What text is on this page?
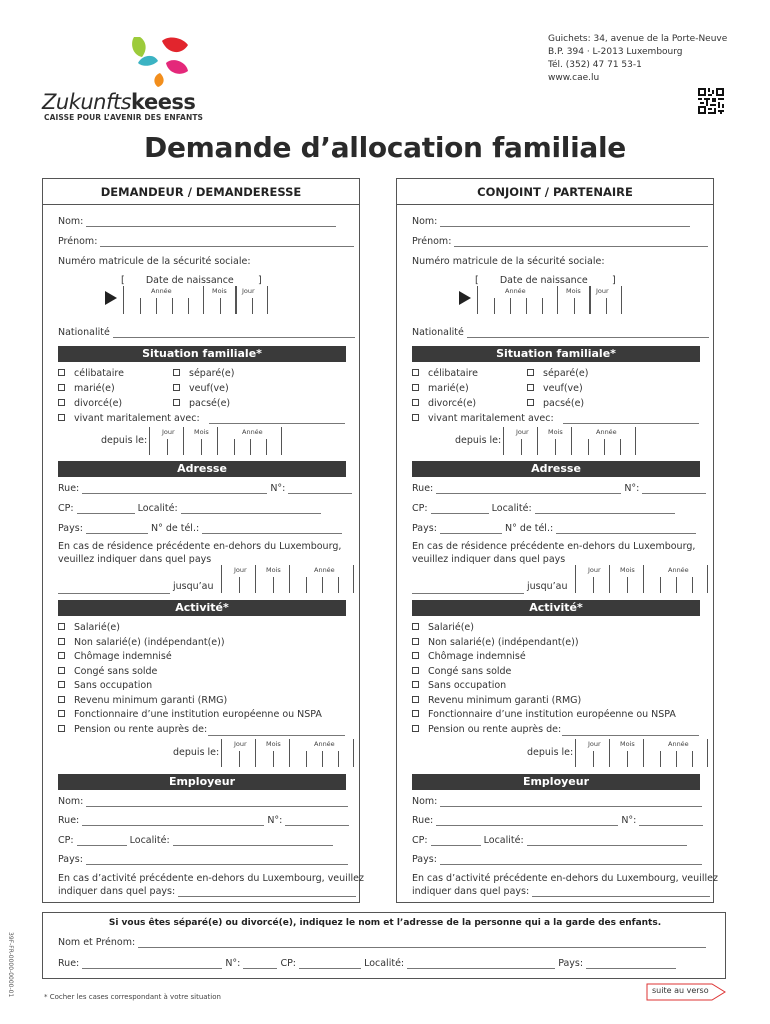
Zukunftskeess
CAISSE POUR L’AVENIR DES ENFANTS
Guichets: 34, avenue de la Porte-Neuve
B.P. 394 · L-2013 Luxembourg
Tél. (352) 47 71 53-1
www.cae.lu
Demande d’allocation familiale
DEMANDEUR / DEMANDERESSE
Nom:
Prénom:
Numéro matricule de la sécurité sociale:
[       Date de naissance        ]
Année	Mois Jour
Nationalité
Situation familiale*
célibataire
marié(e)
divorcé(e)
vivant maritalement avec:
séparé(e)
veuf(ve)
pacsé(e)
depuis le:
Jour	Mois	Année
Adresse
Rue:	N°:
CP:	Localité:
Pays:	N° de tél.:
En cas de résidence précédente en-dehors du Luxembourg,
veuillez indiquer dans quel pays
jusqu’au
Jour	Mois	Année
Activité*
Salarié(e)
Non salarié(e) (indépendant(e))
Chômage indemnisé
Congé sans solde
Sans occupation
Revenu minimum garanti (RMG)
Fonctionnaire d’une institution européenne ou NSPA
Pension ou rente auprès de:
depuis le:
Jour	Mois	Année
Employeur
Nom:
Rue:	N°:
CP:	Localité:
Pays:
En cas d’activité précédente en-dehors du Luxembourg, veuillez
indiquer dans quel pays:
CONJOINT / PARTENAIRE
Nom:
Prénom:
Numéro matricule de la sécurité sociale:
[       Date de naissance        ]
Année	Mois Jour
Nationalité
Situation familiale*
célibataire
marié(e)
divorcé(e)
vivant maritalement avec:
séparé(e)
veuf(ve)
pacsé(e)
depuis le:
Jour	Mois	Année
Adresse
Rue:	N°:
CP:	Localité:
Pays:	N° de tél.:
En cas de résidence précédente en-dehors du Luxembourg,
veuillez indiquer dans quel pays
jusqu’au
Jour	Mois	Année
Activité*
Salarié(e)
Non salarié(e) (indépendant(e))
Chômage indemnisé
Congé sans solde
Sans occupation
Revenu minimum garanti (RMG)
Fonctionnaire d’une institution européenne ou NSPA
Pension ou rente auprès de:
depuis le:
Jour	Mois	Année
Employeur
Nom:
Rue:	N°:
CP:	Localité:
Pays:
En cas d’activité précédente en-dehors du Luxembourg, veuillez
indiquer dans quel pays:
Si vous êtes séparé(e) ou divorcé(e), indiquez le nom et l’adresse de la personne qui a la garde des enfants.
Nom et Prénom:
Rue:	N°:	CP:	Localité:	Pays:
39F-FR-0000-0000-01	* Cocher les cases correspondant à votre situation
suite au verso
